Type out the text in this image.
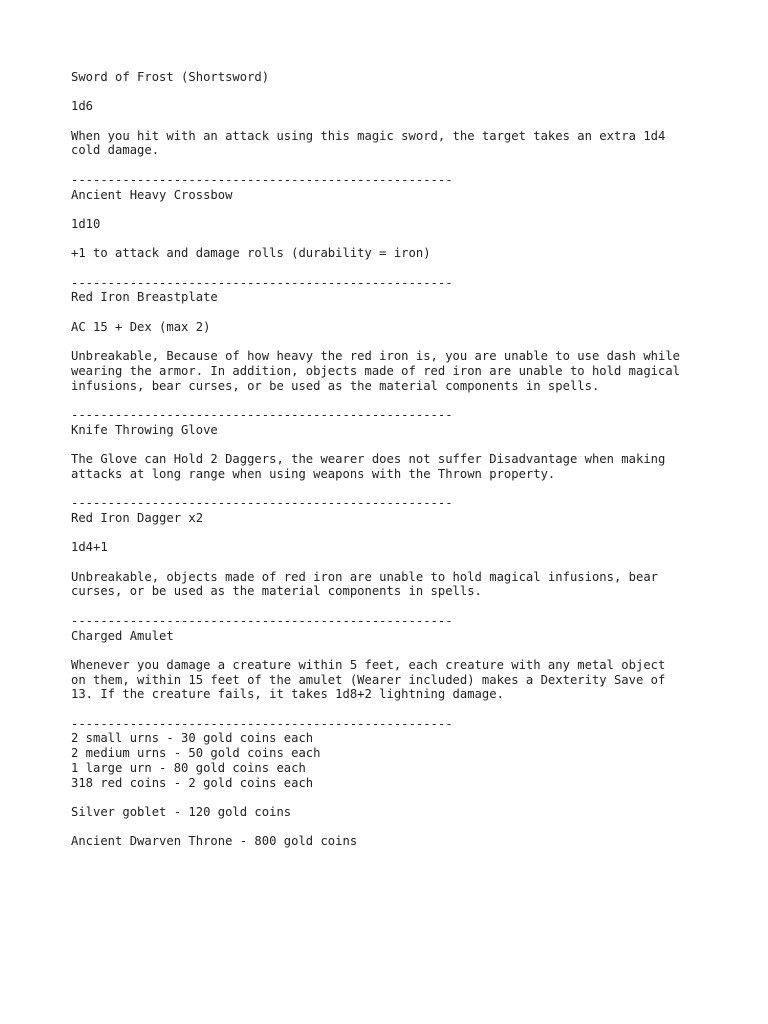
Sword of Frost (Shortsword)
1d6
When you hit with an attack using this magic sword, the target takes an extra 1d4
cold damage.
----------------------------------------------------
Ancient Heavy Crossbow
1d10
+1 to attack and damage rolls (durability = iron)
----------------------------------------------------
Red Iron Breastplate
AC 15 + Dex (max 2)
Unbreakable, Because of how heavy the red iron is, you are unable to use dash while
wearing the armor. In addition, objects made of red iron are unable to hold magical
infusions, bear curses, or be used as the material components in spells.
----------------------------------------------------
Knife Throwing Glove
The Glove can Hold 2 Daggers, the wearer does not suffer Disadvantage when making
attacks at long range when using weapons with the Thrown property.
----------------------------------------------------
Red Iron Dagger x2
1d4+1
Unbreakable, objects made of red iron are unable to hold magical infusions, bear
curses, or be used as the material components in spells.
----------------------------------------------------
Charged Amulet
Whenever you damage a creature within 5 feet, each creature with any metal object
on them, within 15 feet of the amulet (Wearer included) makes a Dexterity Save of
13. If the creature fails, it takes 1d8+2 lightning damage.
----------------------------------------------------
2 small urns - 30 gold coins each
2 medium urns - 50 gold coins each
1 large urn - 80 gold coins each
318 red coins - 2 gold coins each
Silver goblet - 120 gold coins
Ancient Dwarven Throne - 800 gold coins
